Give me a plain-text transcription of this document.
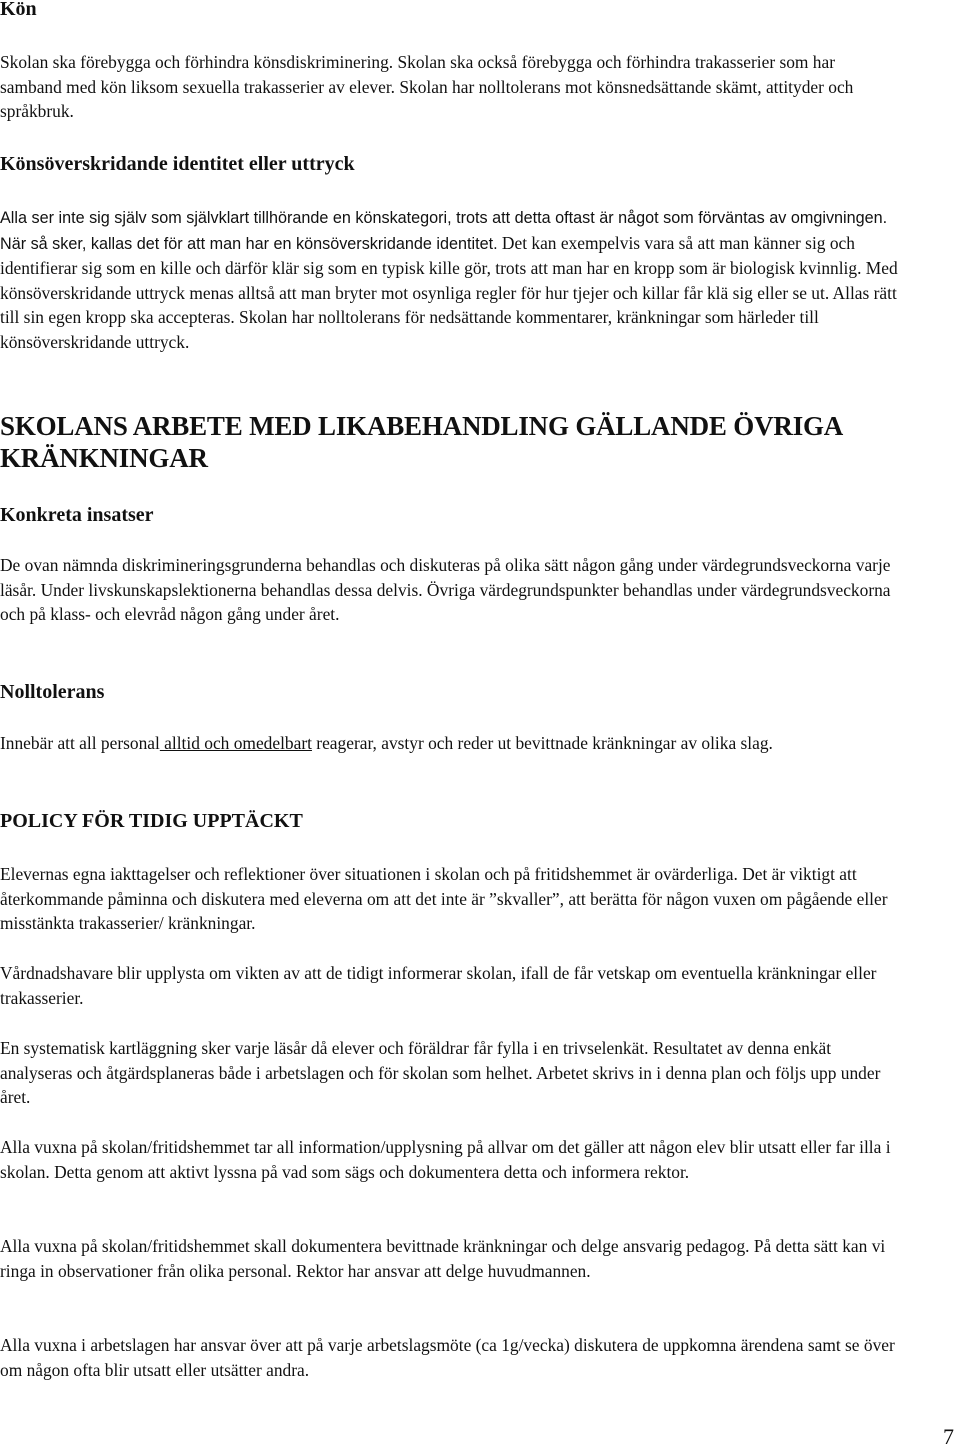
Kön

Skolan ska förebygga och förhindra könsdiskriminering. Skolan ska också förebygga och förhindra trakasserier som har samband med kön liksom sexuella trakasserier av elever. Skolan har nolltolerans mot könsnedsättande skämt, attityder och språkbruk.

Könsöverskridande identitet eller uttryck

Alla ser inte sig själv som självklart tillhörande en könskategori, trots att detta oftast är något som förväntas av omgivningen. När så sker, kallas det för att man har en könsöverskridande identitet. Det kan exempelvis vara så att man känner sig och identifierar sig som en kille och därför klär sig som en typisk kille gör, trots att man har en kropp som är biologisk kvinnlig. Med könsöverskridande uttryck menas alltså att man bryter mot osynliga regler för hur tjejer och killar får klä sig eller se ut. Allas rätt till sin egen kropp ska accepteras. Skolan har nolltolerans för nedsättande kommentarer, kränkningar som härleder till könsöverskridande uttryck.

SKOLANS ARBETE MED LIKABEHANDLING GÄLLANDE ÖVRIGA
KRÄNKNINGAR
Konkreta insatser

De ovan nämnda diskrimineringsgrunderna behandlas och diskuteras på olika sätt någon gång under värdegrundsveckorna varje läsår. Under livskunskapslektionerna behandlas dessa delvis. Övriga värdegrundspunkter behandlas under värdegrundsveckorna och på klass- och elevråd någon gång under året.

Nolltolerans

Innebär att all personal alltid och omedelbart reagerar, avstyr och reder ut bevittnade kränkningar av olika slag.

POLICY FÖR TIDIG UPPTÄCKT

Elevernas egna iakttagelser och reflektioner över situationen i skolan och på fritidshemmet är ovärderliga. Det är viktigt att återkommande påminna och diskutera med eleverna om att det inte är ”skvaller”, att berätta för någon vuxen om pågående eller misstänkta trakasserier/ kränkningar.

Vårdnadshavare blir upplysta om vikten av att de tidigt informerar skolan, ifall de får vetskap om eventuella kränkningar eller trakasserier.

En systematisk kartläggning sker varje läsår då elever och föräldrar får fylla i en trivselenkät. Resultatet av denna enkät analyseras och åtgärdsplaneras både i arbetslagen och för skolan som helhet. Arbetet skrivs in i denna plan och följs upp under året.

Alla vuxna på skolan/fritidshemmet tar all information/upplysning på allvar om det gäller att någon elev blir utsatt eller far illa i skolan. Detta genom att aktivt lyssna på vad som sägs och dokumentera detta och informera rektor.

Alla vuxna på skolan/fritidshemmet skall dokumentera bevittnade kränkningar och delge ansvarig pedagog. På detta sätt kan vi ringa in observationer från olika personal. Rektor har ansvar att delge huvudmannen.

Alla vuxna i arbetslagen har ansvar över att på varje arbetslagsmöte (ca 1g/vecka) diskutera de uppkomna ärendena samt se över om någon ofta blir utsatt eller utsätter andra.

7
